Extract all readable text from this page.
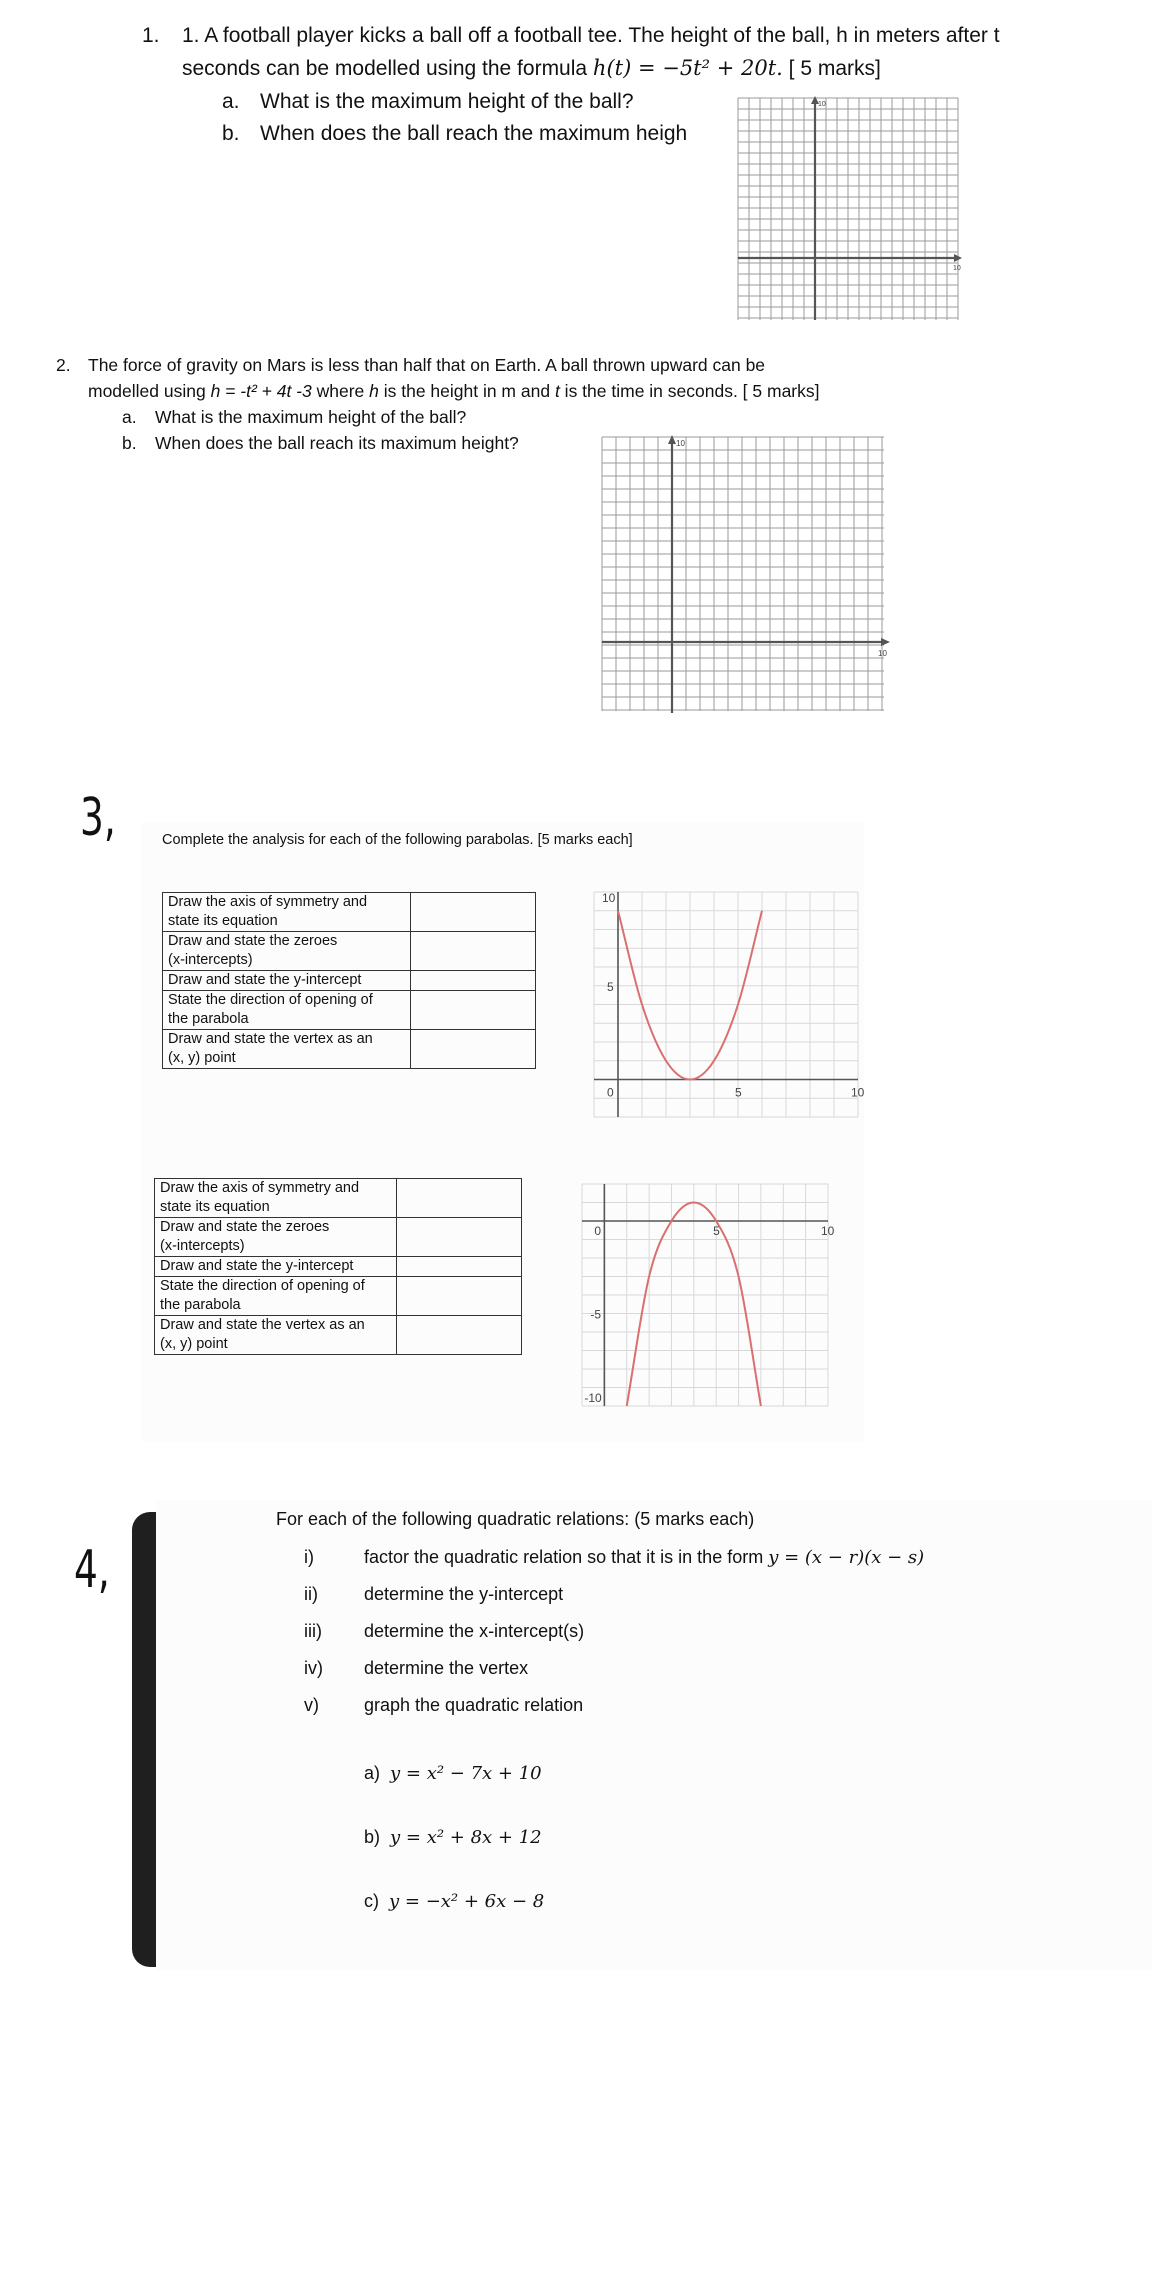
1. 1. A football player kicks a ball off a football tee. The height of the ball, h in meters after t
seconds can be modelled using the formula h(t) = −5t² + 20t. [ 5 marks]
a. What is the maximum height of the ball?
b. When does the ball reach the maximum heigh
10
10
2. The force of gravity on Mars is less than half that on Earth. A ball thrown upward can be
modelled using h = -t² + 4t -3 where h is the height in m and t is the time in seconds. [ 5 marks]
a. What is the maximum height of the ball?
b. When does the ball reach its maximum height?	10
10
3,	Complete the analysis for each of the following parabolas. [5 marks each]
Draw the axis of symmetry and
state its equation	

Draw and state the zeroes
(x-intercepts)	

Draw and state the y-intercept	

State the direction of opening of
the parabola	

Draw and state the vertex as an
(x, y) point	

Draw the axis of symmetry and
state its equation	

Draw and state the zeroes
(x-intercepts)	

Draw and state the y-intercept	

State the direction of opening of
the parabola	

Draw and state the vertex as an
(x, y) point	

10
5
0	5	10
0	5	10
-5
-10
4,
For each of the following quadratic relations: (5 marks each)
i)	factor the quadratic relation so that it is in the form y = (x − r)(x − s)
ii)	determine the y-intercept
iii) determine the x-intercept(s)
iv) determine the vertex
v)	graph the quadratic relation
a) y = x² − 7x + 10
b) y = x² + 8x + 12
c) y = −x² + 6x − 8
